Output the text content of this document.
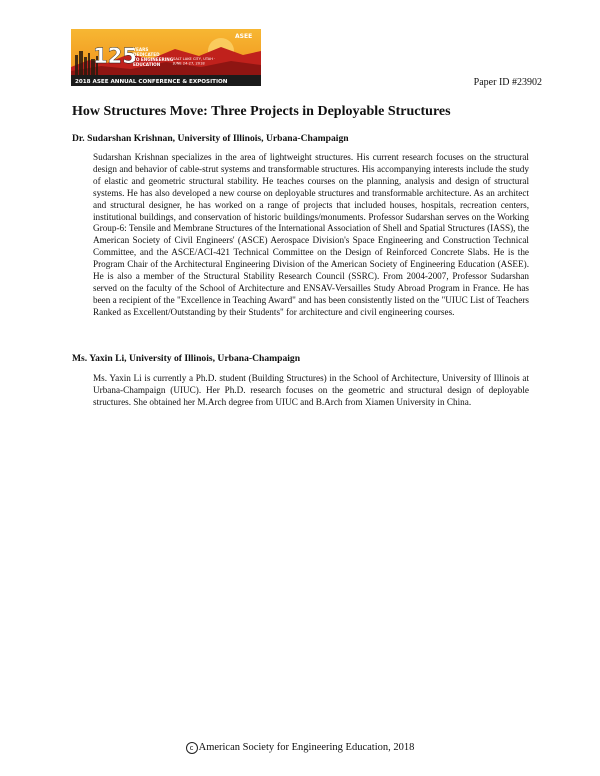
125
YEARS DEDICATED TO ENGINEERING EDUCATION
SALT LAKE CITY, UTAH · JUNE 24-27, 2018
ASEE
2018 ASEE ANNUAL CONFERENCE & EXPOSITION	Paper ID #23902
How Structures Move: Three Projects in Deployable Structures

Dr. Sudarshan Krishnan, University of Illinois, Urbana-Champaign

Sudarshan Krishnan specializes in the area of lightweight structures. His current research focuses on the structural design and behavior of cable-strut systems and transformable structures. His accompanying interests include the study of elastic and geometric structural stability. He teaches courses on the planning, analysis and design of structural systems. He has also developed a new course on deployable structures and transformable architecture. As an architect and structural designer, he has worked on a range of projects that included houses, hospitals, recreation centers, institutional buildings, and conservation of historic buildings/monuments. Professor Sudarshan serves on the Working Group-6: Tensile and Membrane Structures of the International Association of Shell and Spatial Structures (IASS), the American Society of Civil Engineers' (ASCE) Aerospace Division's Space Engineering and Construction Technical Committee, and the ASCE/ACI-421 Technical Committee on the Design of Reinforced Concrete Slabs. He is the Program Chair of the Architectural Engineering Division of the American Society of Engineering Education (ASEE). He is also a member of the Structural Stability Research Council (SSRC). From 2004-2007, Professor Sudarshan served on the faculty of the School of Architecture and ENSAV-Versailles Study Abroad Program in France. He has been a recipient of the "Excellence in Teaching Award" and has been consistently listed on the "UIUC List of Teachers Ranked as Excellent/Outstanding by their Students" for architecture and civil engineering courses.

Ms. Yaxin Li, University of Illinois, Urbana-Champaign

Ms. Yaxin Li is currently a Ph.D. student (Building Structures) in the School of Architecture, University of Illinois at Urbana-Champaign (UIUC). Her Ph.D. research focuses on the geometric and structural design of deployable structures. She obtained her M.Arch degree from UIUC and B.Arch from Xiamen University in China.

c American Society for Engineering Education, 2018
